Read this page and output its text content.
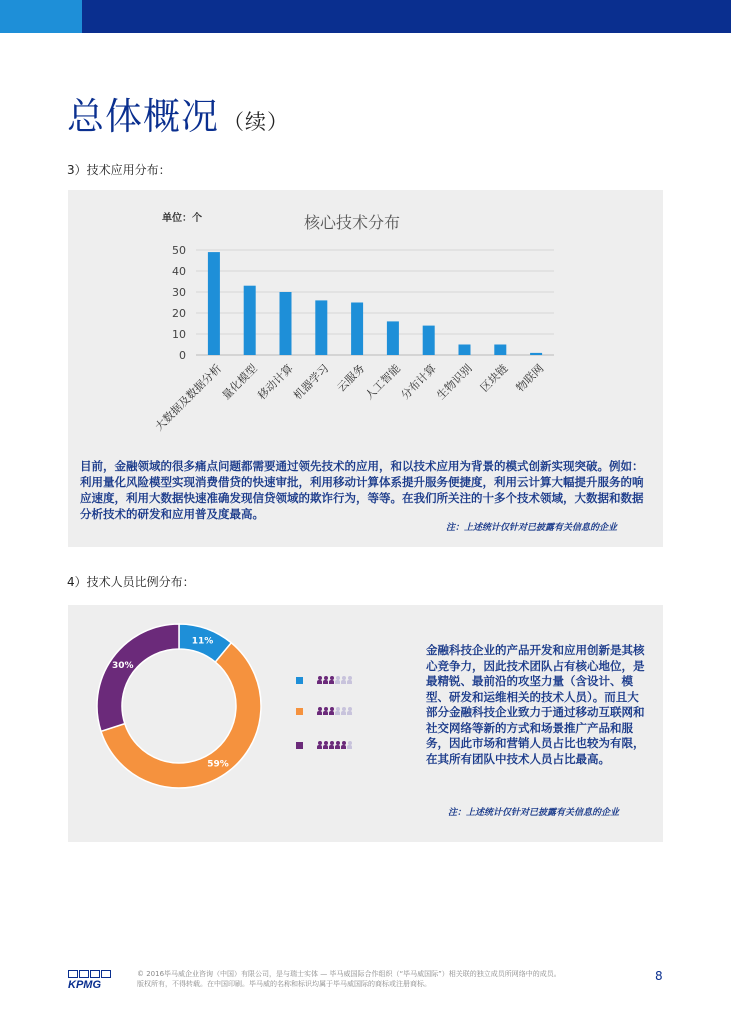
总体概况 （续）
3）技术应用分布：
核心技术分布
单位：个
0
10
20
30
40
50
大数据及数据分析
量化模型
移动计算
机器学习 云服务
人工智能
分布计算
生物识别 区块链 物联网
目前，金融领域的很多痛点问题都需要通过领先技术的应用，和以技术应用为背景的模式创新实现突破。例如：利用量化风险模型实现消费借贷的快速审批，利用移动计算体系提升服务便捷度，利用云计算大幅提升服务的响应速度，利用大数据快速准确发现信贷领域的欺诈行为，等等。在我们所关注的十多个技术领域，大数据和数据分析技术的研发和应用普及度最高。
注：上述统计仅针对已披露有关信息的企业
4）技术人员比例分布：
11%
59%
30%
金融科技企业的产品开发和应用创新是其核心竞争力，因此技术团队占有核心地位，是最精锐、最前沿的攻坚力量（含设计、模型、研发和运维相关的技术人员）。而且大部分金融科技企业致力于通过移动互联网和社交网络等新的方式和场景推广产品和服务，因此市场和营销人员占比也较为有限，在其所有团队中技术人员占比最高。
注：上述统计仅针对已披露有关信息的企业
KPMG
© 2016毕马威企业咨询（中国）有限公司，是与瑞士实体 — 毕马威国际合作组织（“毕马威国际”）相关联的独立成员所网络中的成员。
版权所有，不得转载。在中国印刷。毕马威的名称和标识均属于毕马威国际的商标或注册商标。
8
